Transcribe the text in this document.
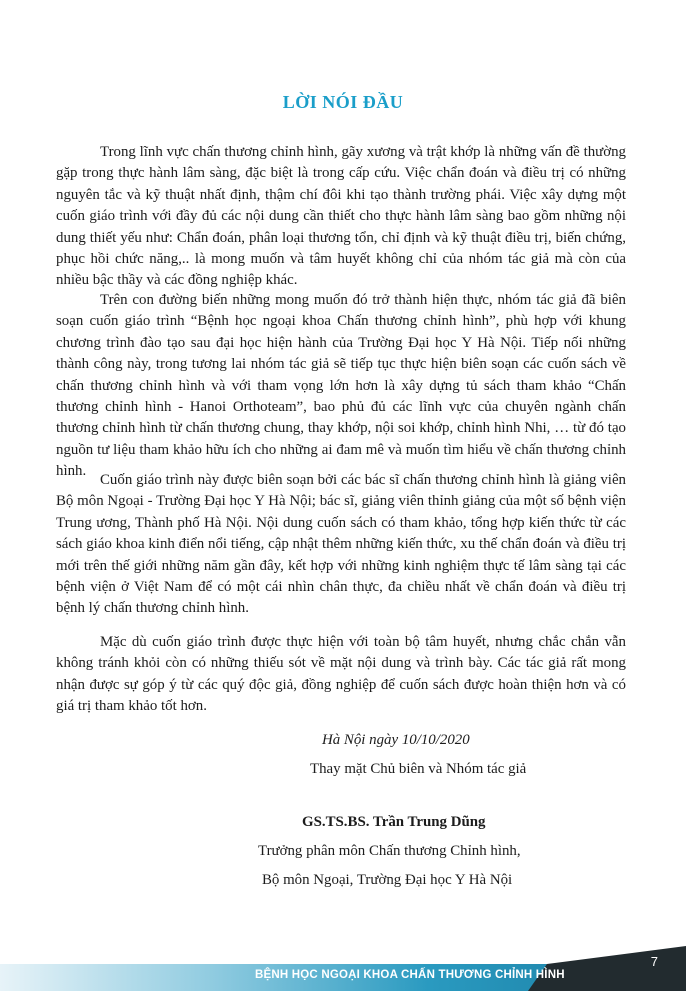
LỜI NÓI ĐẦU

Trong lĩnh vực chấn thương chỉnh hình, gãy xương và trật khớp là những vấn đề thường gặp trong thực hành lâm sàng, đặc biệt là trong cấp cứu. Việc chẩn đoán và điều trị có những nguyên tắc và kỹ thuật nhất định, thậm chí đôi khi tạo thành trường phái. Việc xây dựng một cuốn giáo trình với đầy đủ các nội dung cần thiết cho thực hành lâm sàng bao gồm những nội dung thiết yếu như: Chẩn đoán, phân loại thương tổn, chỉ định và kỹ thuật điều trị, biến chứng, phục hồi chức năng,.. là mong muốn và tâm huyết không chỉ của nhóm tác giả mà còn của nhiều bậc thầy và các đồng nghiệp khác.

Trên con đường biến những mong muốn đó trở thành hiện thực, nhóm tác giả đã biên soạn cuốn giáo trình “Bệnh học ngoại khoa Chấn thương chỉnh hình”, phù hợp với khung chương trình đào tạo sau đại học hiện hành của Trường Đại học Y Hà Nội. Tiếp nối những thành công này, trong tương lai nhóm tác giả sẽ tiếp tục thực hiện biên soạn các cuốn sách về chấn thương chỉnh hình và với tham vọng lớn hơn là xây dựng tủ sách tham khảo “Chấn thương chỉnh hình - Hanoi Orthoteam”, bao phủ đủ các lĩnh vực của chuyên ngành chấn thương chỉnh hình từ chấn thương chung, thay khớp, nội soi khớp, chỉnh hình Nhi, … từ đó tạo nguồn tư liệu tham khảo hữu ích cho những ai đam mê và muốn tìm hiểu về chấn thương chỉnh hình.

Cuốn giáo trình này được biên soạn bởi các bác sĩ chấn thương chỉnh hình là giảng viên Bộ môn Ngoại - Trường Đại học Y Hà Nội; bác sĩ, giảng viên thỉnh giảng của một số bệnh viện Trung ương, Thành phố Hà Nội. Nội dung cuốn sách có tham khảo, tổng hợp kiến thức từ các sách giáo khoa kinh điển nổi tiếng, cập nhật thêm những kiến thức, xu thế chẩn đoán và điều trị mới trên thế giới những năm gần đây, kết hợp với những kinh nghiệm thực tế lâm sàng tại các bệnh viện ở Việt Nam để có một cái nhìn chân thực, đa chiều nhất về chẩn đoán và điều trị bệnh lý chấn thương chỉnh hình.

Mặc dù cuốn giáo trình được thực hiện với toàn bộ tâm huyết, nhưng chắc chắn vẫn không tránh khỏi còn có những thiếu sót về mặt nội dung và trình bày. Các tác giả rất mong nhận được sự góp ý từ các quý độc giả, đồng nghiệp để cuốn sách được hoàn thiện hơn và có giá trị tham khảo tốt hơn.

Hà Nội ngày 10/10/2020
Thay mặt Chủ biên và Nhóm tác giả
GS.TS.BS. Trần Trung Dũng
Trưởng phân môn Chấn thương Chỉnh hình,
Bộ môn Ngoại, Trường Đại học Y Hà Nội
BỆNH HỌC NGOẠI KHOA CHẤN THƯƠNG CHỈNH HÌNH
7
